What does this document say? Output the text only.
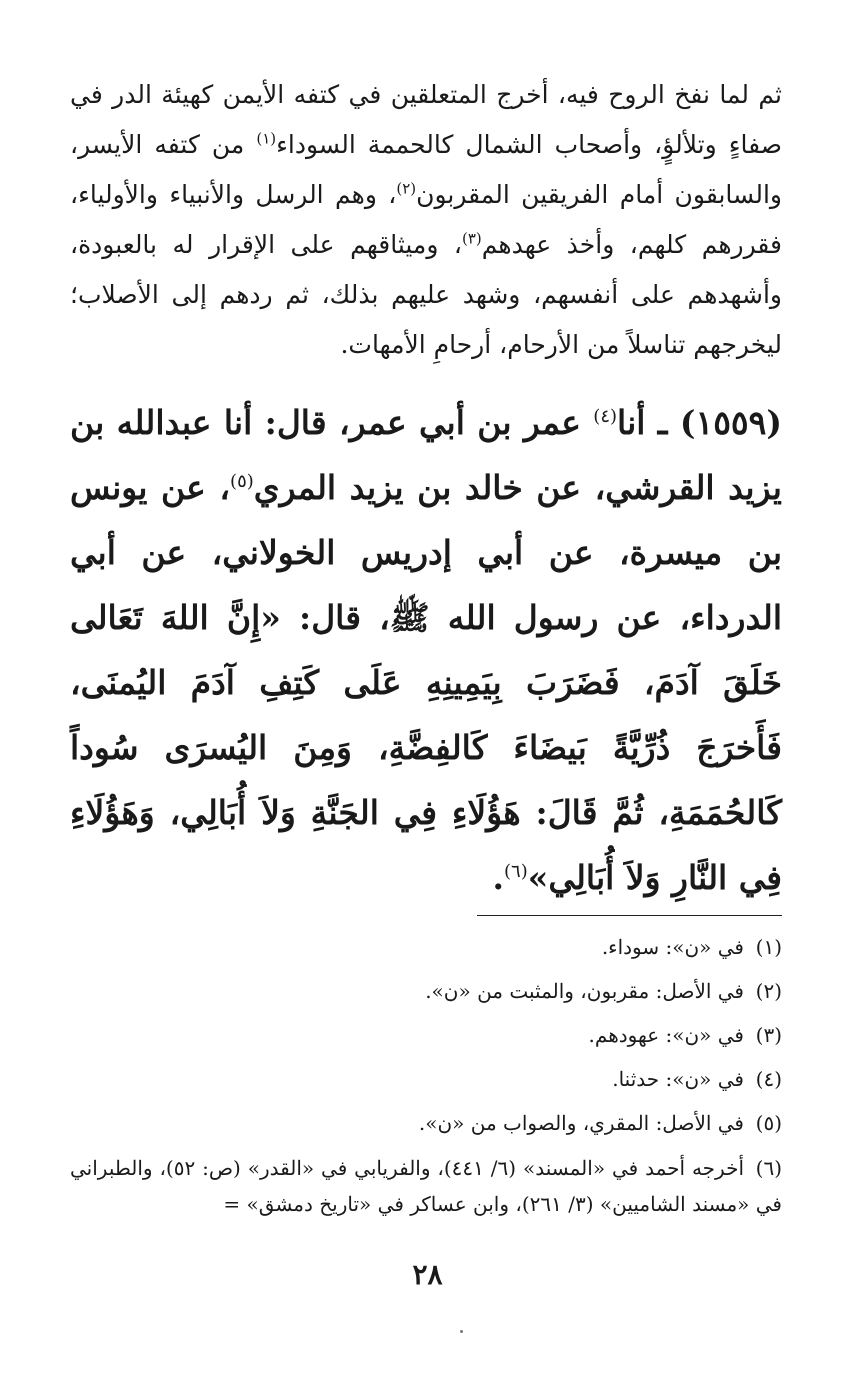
ثم لما نفخ الروح فيه، أخرج المتعلقين في كتفه الأيمن كهيئة الدر في صفاءٍ وتلألؤٍ، وأصحاب الشمال كالحممة السوداء$^{(١)}$ من كتفه الأيسر، والسابقون أمام الفريقين المقربون$^{(٢)}$، وهم الرسل والأنبياء والأولياء، فقررهم كلهم، وأخذ عهدهم$^{(٣)}$، وميثاقهم على الإقرار له بالعبودة، وأشهدهم على أنفسهم، وشهد عليهم بذلك، ثم ردهم إلى الأصلاب؛ ليخرجهم تناسلاً من الأرحام، أرحامِ الأمهات.

(١٥٥٩) ـ أنا$^{(٤)}$ عمر بن أبي عمر، قال: أنا عبدالله بن يزيد القرشي، عن خالد بن يزيد المري$^{(٥)}$، عن يونس بن ميسرة، عن أبي إدريس الخولاني، عن أبي الدرداء، عن رسول الله ﷺ، قال: «إِنَّ اللهَ تَعَالى خَلَقَ آدَمَ، فَضَرَبَ بِيَمِينِهِ عَلَى كَتِفِ آدَمَ اليُمنَى، فَأَخرَجَ ذُرِّيَّةً بَيضَاءَ كَالفِضَّةِ، وَمِنَ اليُسرَى سُوداً كَالحُمَمَةِ، ثُمَّ قَالَ: هَؤُلَاءِ فِي الجَنَّةِ وَلاَ أُبَالِي، وَهَؤُلَاءِ فِي النَّارِ وَلاَ أُبَالِي»$^{(٦)}$.

(١)في «ن»: سوداء.
(٢)في الأصل: مقربون، والمثبت من «ن».
(٣)في «ن»: عهودهم.
(٤)في «ن»: حدثنا.
(٥)في الأصل: المقري، والصواب من «ن».
(٦)أخرجه أحمد في «المسند» (٦/ ٤٤١)، والفريابي في «القدر» (ص: ٥٢)، والطبراني في «مسند الشاميين» (٣/ ٢٦١)، وابن عساكر في «تاريخ دمشق» =
٢٨
